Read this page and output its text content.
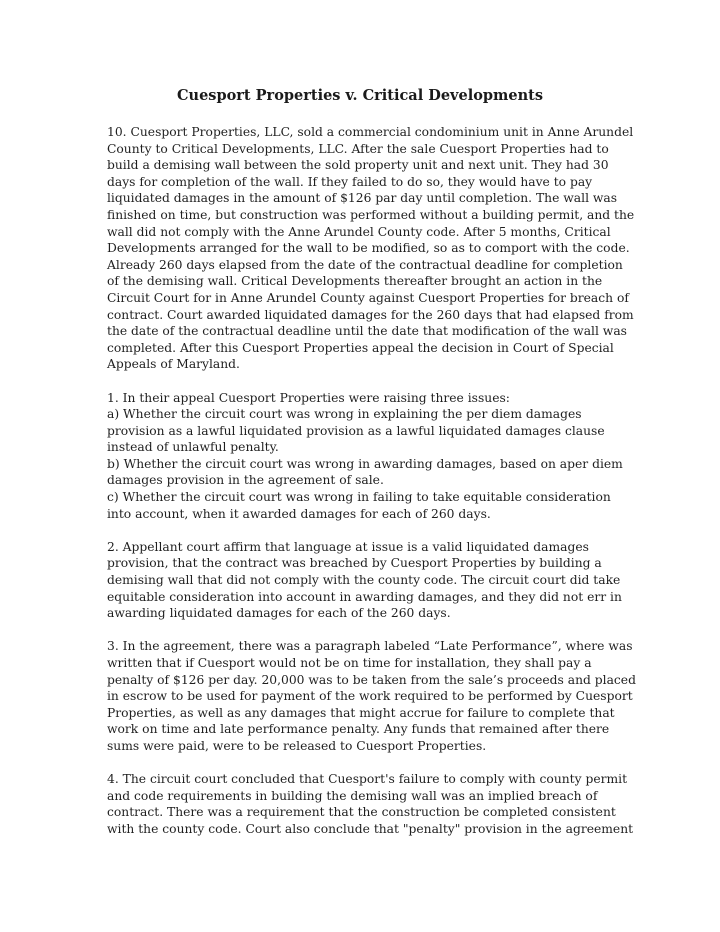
Cuesport Properties v. Critical Developments
10. Cuesport Properties, LLC, sold a commercial condominium unit in Anne Arundel
County to Critical Developments, LLC. After the sale Cuesport Properties had to
build a demising wall between the sold property unit and next unit. They had 30
days for completion of the wall. If they failed to do so, they would have to pay
liquidated damages in the amount of $126 par day until completion. The wall was
finished on time, but construction was performed without a building permit, and the
wall did not comply with the Anne Arundel County code. After 5 months, Critical
Developments arranged for the wall to be modified, so as to comport with the code.
Already 260 days elapsed from the date of the contractual deadline for completion
of the demising wall. Critical Developments thereafter brought an action in the
Circuit Court for in Anne Arundel County against Cuesport Properties for breach of
contract. Court awarded liquidated damages for the 260 days that had elapsed from
the date of the contractual deadline until the date that modification of the wall was
completed. After this Cuesport Properties appeal the decision in Court of Special
Appeals of Maryland.
1. In their appeal Cuesport Properties were raising three issues:
a) Whether the circuit court was wrong in explaining the per diem damages
provision as a lawful liquidated provision as a lawful liquidated damages clause
instead of unlawful penalty.
b) Whether the circuit court was wrong in awarding damages, based on aper diem
damages provision in the agreement of sale.
c) Whether the circuit court was wrong in failing to take equitable consideration
into account, when it awarded damages for each of 260 days.
2. Appellant court affirm that language at issue is a valid liquidated damages
provision, that the contract was breached by Cuesport Properties by building a
demising wall that did not comply with the county code. The circuit court did take
equitable consideration into account in awarding damages, and they did not err in
awarding liquidated damages for each of the 260 days.
3. In the agreement, there was a paragraph labeled “Late Performance”, where was
written that if Cuesport would not be on time for installation, they shall pay a
penalty of $126 per day. 20,000 was to be taken from the sale’s proceeds and placed
in escrow to be used for payment of the work required to be performed by Cuesport
Properties, as well as any damages that might accrue for failure to complete that
work on time and late performance penalty. Any funds that remained after there
sums were paid, were to be released to Cuesport Properties.
4. The circuit court concluded that Cuesport's failure to comply with county permit
and code requirements in building the demising wall was an implied breach of
contract. There was a requirement that the construction be completed consistent
with the county code. Court also conclude that "penalty" provision in the agreement
